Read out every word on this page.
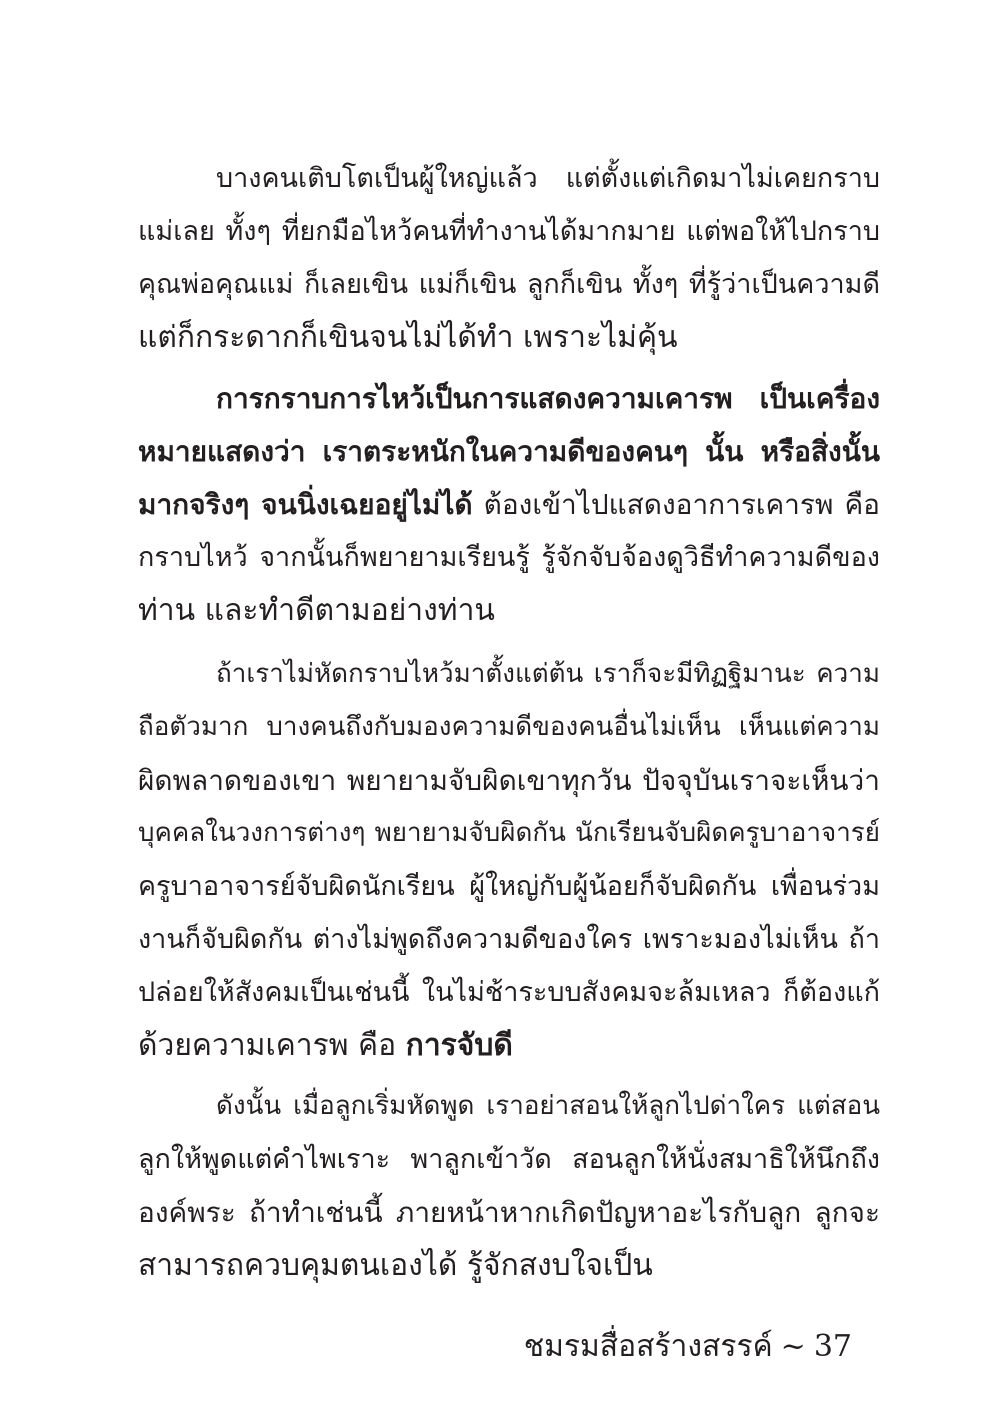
บางคนเติบโตเป็นผู้ใหญ่แล้ว แต่ตั้งแต่เกิดมาไม่เคยกราบ
แม่เลย ทั้งๆ ที่ยกมือไหว้คนที่ทำงานได้มากมาย แต่พอให้ไปกราบ
คุณพ่อคุณแม่ ก็เลยเขิน แม่ก็เขิน ลูกก็เขิน ทั้งๆ ที่รู้ว่าเป็นความดี
แต่ก็กระดากก็เขินจนไม่ได้ทำ เพราะไม่คุ้น
การกราบการไหว้เป็นการแสดงความเคารพ เป็นเครื่อง
หมายแสดงว่า เราตระหนักในความดีของคนๆ นั้น หรือสิ่งนั้น
มากจริงๆ จนนิ่งเฉยอยู่ไม่ได้ ต้องเข้าไปแสดงอาการเคารพ คือ
กราบไหว้ จากนั้นก็พยายามเรียนรู้ รู้จักจับจ้องดูวิธีทำความดีของ
ท่าน และทำดีตามอย่างท่าน
ถ้าเราไม่หัดกราบไหว้มาตั้งแต่ต้น เราก็จะมีทิฏฐิมานะ ความ
ถือตัวมาก บางคนถึงกับมองความดีของคนอื่นไม่เห็น เห็นแต่ความ
ผิดพลาดของเขา พยายามจับผิดเขาทุกวัน ปัจจุบันเราจะเห็นว่า
บุคคลในวงการต่างๆ พยายามจับผิดกัน นักเรียนจับผิดครูบาอาจารย์
ครูบาอาจารย์จับผิดนักเรียน ผู้ใหญ่กับผู้น้อยก็จับผิดกัน เพื่อนร่วม
งานก็จับผิดกัน ต่างไม่พูดถึงความดีของใคร เพราะมองไม่เห็น ถ้า
ปล่อยให้สังคมเป็นเช่นนี้ ในไม่ช้าระบบสังคมจะล้มเหลว ก็ต้องแก้
ด้วยความเคารพ คือ การจับดี
ดังนั้น เมื่อลูกเริ่มหัดพูด เราอย่าสอนให้ลูกไปด่าใคร แต่สอน
ลูกให้พูดแต่คำไพเราะ พาลูกเข้าวัด สอนลูกให้นั่งสมาธิให้นึกถึง
องค์พระ ถ้าทำเช่นนี้ ภายหน้าหากเกิดปัญหาอะไรกับลูก ลูกจะ
สามารถควบคุมตนเองได้ รู้จักสงบใจเป็น
ชมรมสื่อสร้างสรรค์ ~ 37
